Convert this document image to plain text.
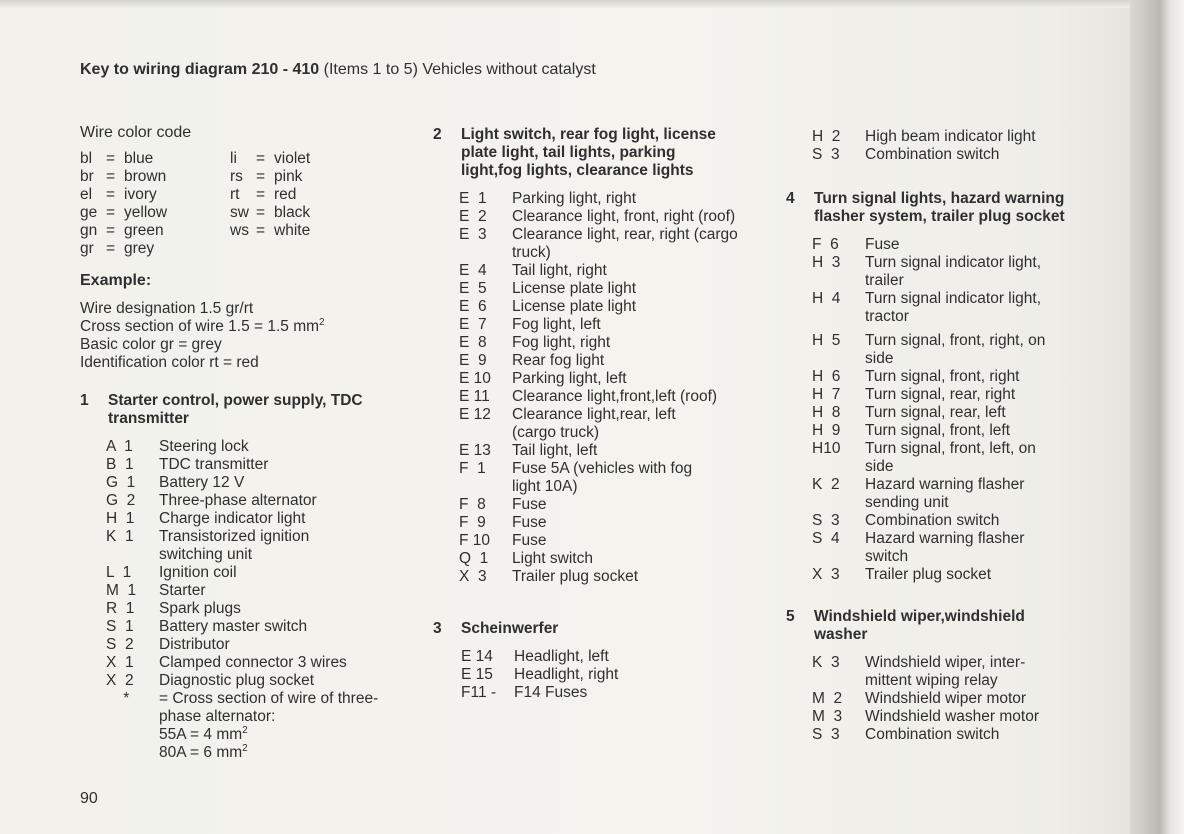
Key to wiring diagram 210 - 410 (Items 1 to 5) Vehicles without catalyst
Wire color code
bl = blue
br = brown
el = ivory
ge = yellow
gn = green
gr = grey
li	= violet
rs = pink
rt	= red
sw = black
ws = white
Example:

Wire designation 1.5 gr/rt

Cross section of wire 1.5 = 1.5 $mm^2$

Basic color gr = grey

Identification color rt = red

1	Starter control, power supply, TDC transmitter
A  1	Steering lock
B  1	TDC transmitter
G  1	Battery 12 V
G  2	Three-phase alternator
H  1	Charge indicator light
K  1	Transistorized ignition switching unit
L  1	Ignition coil
M  1	Starter
R  1	Spark plugs
S  1	Battery master switch
S  2	Distributor
X  1	Clamped connector 3 wires
X  2	Diagnostic plug socket
*	= Cross section of wire of three-phase alternator:
55A = 4 $mm^2$
80A = 6 $mm^2$
2	Light switch, rear fog light, license plate light, tail lights, parking light,fog lights, clearance lights
E  1	Parking light, right
E  2	Clearance light, front, right (roof)
E  3	Clearance light, rear, right (cargo truck)
E  4	Tail light, right
E  5	License plate light
E  6	License plate light
E  7	Fog light, left
E  8	Fog light, right
E  9	Rear fog light
E 10	Parking light, left
E 11	Clearance light,front,left (roof)
E 12	Clearance light,rear, left (cargo truck)
E 13	Tail light, left
F  1	Fuse 5A (vehicles with fog light 10A)
F  8	Fuse
F  9	Fuse
F 10	Fuse
Q  1	Light switch
X  3	Trailer plug socket
3	Scheinwerfer
E 14	Headlight, left
E 15	Headlight, right
F11 -	F14 Fuses
H  2	High beam indicator light
S  3	Combination switch
4	Turn signal lights, hazard warning flasher system, trailer plug socket
F  6	Fuse
H  3	Turn signal indicator light, trailer
H  4	Turn signal indicator light, tractor
H  5	Turn signal, front, right, on side
H  6	Turn signal, front, right
H  7	Turn signal, rear, right
H  8	Turn signal, rear, left
H  9	Turn signal, front, left
H10	Turn signal, front, left, on side
K  2	Hazard warning flasher sending unit
S  3	Combination switch
S  4	Hazard warning flasher switch
X  3	Trailer plug socket
5	Windshield wiper,windshield washer
K  3	Windshield wiper, inter-mittent wiping relay
M  2	Windshield wiper motor
M  3	Windshield washer motor
S  3	Combination switch
90
